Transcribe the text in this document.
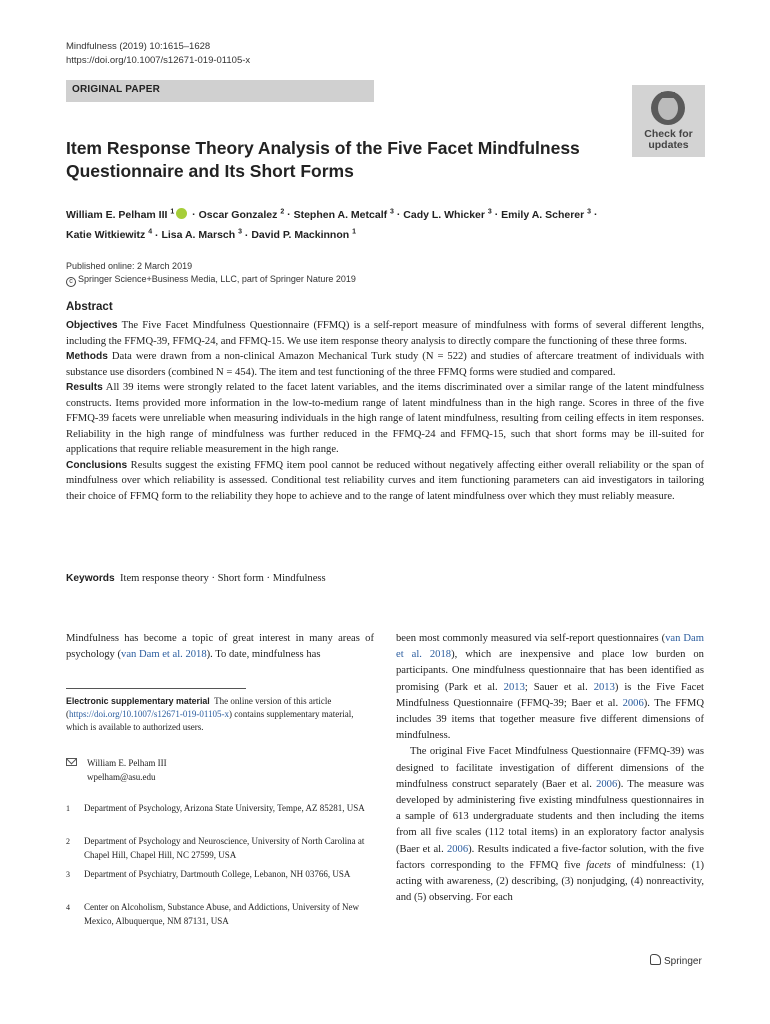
Mindfulness (2019) 10:1615–1628
https://doi.org/10.1007/s12671-019-01105-x
ORIGINAL PAPER
Check for
updates
Item Response Theory Analysis of the Five Facet Mindfulness Questionnaire and Its Short Forms
William E. Pelham III $^1$ · Oscar Gonzalez $^2$ · Stephen A. Metcalf $^3$ · Cady L. Whicker $^3$ · Emily A. Scherer $^3$ ·
Katie Witkiewitz $^4$ · Lisa A. Marsch $^3$ · David P. Mackinnon $^1$
Published online: 2 March 2019
c Springer Science+Business Media, LLC, part of Springer Nature 2019
Abstract

Objectives The Five Facet Mindfulness Questionnaire (FFMQ) is a self-report measure of mindfulness with forms of several different lengths, including the FFMQ-39, FFMQ-24, and FFMQ-15. We use item response theory analysis to directly compare the functioning of these three forms.

Methods Data were drawn from a non-clinical Amazon Mechanical Turk study (N = 522) and studies of aftercare treatment of individuals with substance use disorders (combined N = 454). The item and test functioning of the three FFMQ forms were studied and compared.

Results All 39 items were strongly related to the facet latent variables, and the items discriminated over a similar range of the latent mindfulness constructs. Items provided more information in the low-to-medium range of latent mindfulness than in the high range. Scores in three of the five FFMQ-39 facets were unreliable when measuring individuals in the high range of latent mindfulness, resulting from ceiling effects in item responses. Reliability in the high range of mindfulness was further reduced in the FFMQ-24 and FFMQ-15, such that short forms may be ill-suited for applications that require reliable measurement in the high range.

Conclusions Results suggest the existing FFMQ item pool cannot be reduced without negatively affecting either overall reliability or the span of mindfulness over which reliability is assessed. Conditional test reliability curves and item functioning parameters can aid investigators in tailoring their choice of FFMQ form to the reliability they hope to achieve and to the range of latent mindfulness over which they must reliably measure.

Keywords Item response theory · Short form · Mindfulness
Mindfulness has become a topic of great interest in many areas of psychology (van Dam et al. 2018). To date, mindfulness has
Electronic supplementary material The online version of this article (https://doi.org/10.1007/s12671-019-01105-x) contains supplementary material, which is available to authorized users.
William E. Pelham III
wpelham@asu.edu
1	Department of Psychology, Arizona State University, Tempe, AZ 85281, USA
2	Department of Psychology and Neuroscience, University of North Carolina at Chapel Hill, Chapel Hill, NC 27599, USA
3	Department of Psychiatry, Dartmouth College, Lebanon, NH 03766, USA
4	Center on Alcoholism, Substance Abuse, and Addictions, University of New Mexico, Albuquerque, NM 87131, USA

been most commonly measured via self-report questionnaires (van Dam et al. 2018), which are inexpensive and place low burden on participants. One mindfulness questionnaire that has been identified as promising (Park et al. 2013; Sauer et al. 2013) is the Five Facet Mindfulness Questionnaire (FFMQ-39; Baer et al. 2006). The FFMQ includes 39 items that together measure five different dimensions of mindfulness.

The original Five Facet Mindfulness Questionnaire (FFMQ-39) was designed to facilitate investigation of different dimensions of the mindfulness construct separately (Baer et al. 2006). The measure was developed by administering five existing mindfulness questionnaires in a sample of 613 undergraduate students and then including the items from all five scales (112 total items) in an exploratory factor analysis (Baer et al. 2006). Results indicated a five-factor solution, with the five factors corresponding to the FFMQ five facets of mindfulness: (1) acting with awareness, (2) describing, (3) nonjudging, (4) nonreactivity, and (5) observing. For each

Springer
